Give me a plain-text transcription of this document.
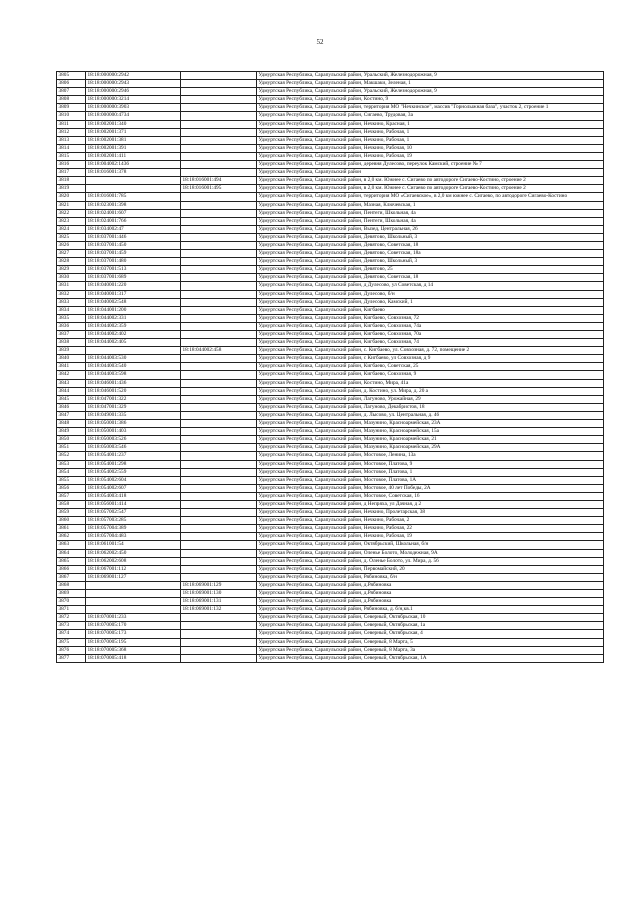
52
3805	18:18:000000:2942		Удмуртская Республика, Сарапульский район, Уральский, Железнодорожная, 9
3806	18:18:000000:2943		Удмуртская Республика, Сарапульский район, Макшаки, Зеленая, 1
3807	18:18:000000:2946		Удмуртская Республика, Сарапульский район, Уральский, Железнодорожная, 9
3808	18:18:000000:3214		Удмуртская Республика, Сарапульский район, Костино, 9
3809	18:18:000000:3903		Удмуртская Республика, Сарапульский район, территория МО "Нечкинское", массив "Горнолыжная база", участок 2, строение 1
3810	18:18:000000:4734		Удмуртская Республика, Сарапульский район, Сигаево, Трудовая, 3а
3811	18:18:002001:340		Удмуртская Республика, Сарапульский район, Нечкино, Красная, 1
3812	18:18:002001:371		Удмуртская Республика, Сарапульский район, Нечкино, Рабочая, 1
3813	18:18:002001:381		Удмуртская Республика, Сарапульский район, Нечкино, Рабочая, 1
3814	18:18:002001:391		Удмуртская Республика, Сарапульский район, Нечкино, Рабочая, 10
3815	18:18:002001:411		Удмуртская Республика, Сарапульский район, Нечкино, Рабочая, 19
3816	18:18:004002:1436		Удмуртская Республика, Сарапульский район, деревня Дулесово, переулок Камский, строение № 7
3817	18:18:016001:378		Удмуртская Республика, Сарапульский район
3818		18:18:016001:494	Удмуртская Республика, Сарапульский район, в 2,0 км. Южнее с. Сигаево по автодороге Сигаево-Костино, строение 2
3819		18:18:016001:495	Удмуртская Республика, Сарапульский район, в 2,0 км. Южнее с. Сигаево по автодороге Сигаево-Костино, строение 2
3820	18:18:016001:785		Удмуртская Республика, Сарапульский район, территория МО «Сигаевское», в 2,0 км южнее с. Сигаево, по автодороге Сигаево-Костино
3821	18:18:023001:398		Удмуртская Республика, Сарапульский район, Мазная, Ключевская, 1
3822	18:18:024001:607		Удмуртская Республика, Сарапульский район, Пентеги, Школьная, 4а
3823	18:18:024001:766		Удмуртская Республика, Сарапульский район, Пентеги, Школьная, 4а
3824	18:18:034002:47		Удмуртская Республика, Сарапульский район, Вызед, Центральная, 26
3825	18:18:037001:446		Удмуртская Республика, Сарапульский район, Девятово, Школьный, 3
3826	18:18:037001:450		Удмуртская Республика, Сарапульский район, Девятово, Советская, 18
3827	18:18:037001:459		Удмуртская Республика, Сарапульский район, Девятово, Советская, 18а
3828	18:18:037001:480		Удмуртская Республика, Сарапульский район, Девятово, Школьный, 3
3829	18:18:037001:513		Удмуртская Республика, Сарапульский район, Девятово, 25
3830	18:18:037001:689		Удмуртская Республика, Сарапульский район, Девятово, Советская, 18
3831	18:18:040001:220		Удмуртская Республика, Сарапульский район, д Дулесово, ул Советская, д 14
3832	18:18:040001:317		Удмуртская Республика, Сарапульский район, Дулесово, б/н
3833	18:18:040002:548		Удмуртская Республика, Сарапульский район, Дулесово, Камский, 1
3834	18:18:044001:200		Удмуртская Республика, Сарапульский район, Кигбаево
3835	18:18:044002:331		Удмуртская Республика, Сарапульский район, Кигбаево, Совхозная, 72
3836	18:18:044002:359		Удмуртская Республика, Сарапульский район, Кигбаево, Совхозная, 74а
3837	18:18:044002:402		Удмуртская Республика, Сарапульский район, Кигбаево, Совхозная, 70а
3838	18:18:044002:405		Удмуртская Республика, Сарапульский район, Кигбаево, Совхозная, 74
3839		18:18:044002:458	Удмуртская Республика, Сарапульский район, с. Кигбаево, ул. Совхозная, д. 72, помещение 2
3840	18:18:044003:530		Удмуртская Республика, Сарапульский район, с Кигбаево, ул Совхозная, д 9
3841	18:18:044003:540		Удмуртская Республика, Сарапульский район, Кигбаево, Советская, 25
3842	18:18:044003:598		Удмуртская Республика, Сарапульский район, Кигбаево, Совхозная, 9
3843	18:18:046001:436		Удмуртская Республика, Сарапульский район, Костино, Мира, 41а
3844	18:18:046001:520		Удмуртская Республика, Сарапульский район, д. Костино, ул. Мира, д. 20 а
3845	18:18:047001:322		Удмуртская Республика, Сарапульский район, Лагуново, Урожайная, 29
3846	18:18:047001:329		Удмуртская Республика, Сарапульский район, Лагуново, Декабристов, 18
3847	18:18:049001:335		Удмуртская Республика, Сарапульский район, д. Лысово, ул. Центральная, д. 46
3848	18:18:050001:386		Удмуртская Республика, Сарапульский район, Мазунино, Красноармейская, 23А
3849	18:18:050001:403		Удмуртская Республика, Сарапульский район, Мазунино, Красноармейская, 15а
3850	18:18:050003:526		Удмуртская Республика, Сарапульский район, Мазунино, Красноармейская, 21
3851	18:18:050003:546		Удмуртская Республика, Сарапульский район, Мазунино, Красноармейская, 29А
3852	18:18:054001:237		Удмуртская Республика, Сарапульский район, Мостовое, Ленина, 13а
3853	18:18:054001:298		Удмуртская Республика, Сарапульский район, Мостовое, Платова, 9
3854	18:18:054002:559		Удмуртская Республика, Сарапульский район, Мостовое, Платова, 1
3855	18:18:054002:604		Удмуртская Республика, Сарапульский район, Мостовое, Платова, 1А
3856	18:18:054002:607		Удмуртская Республика, Сарапульский район, Мостовое, 40 лет Победы, 2А
3857	18:18:054003:418		Удмуртская Республика, Сарапульский район, Мостовое, Советская, 16
3858	18:18:056001:414		Удмуртская Республика, Сарапульский район, д Непряха, ул Дачная, д 2
3859	18:18:057002:547		Удмуртская Республика, Сарапульский район, Нечкино, Пролетарская, 38
3860	18:18:057003:285		Удмуртская Республика, Сарапульский район, Нечкино, Рабочая, 2
3861	18:18:057004:389		Удмуртская Республика, Сарапульский район, Нечкино, Рабочая, 22
3862	18:18:057004:483		Удмуртская Республика, Сарапульский район, Нечкино, Рабочая, 19
3863	18:18:061001:54		Удмуртская Республика, Сарапульский район, Октябрьский, Школьная, б/н
3864	18:18:062002:450		Удмуртская Республика, Сарапульский район, Оленье Болото, Молодежная, 9А
3865	18:18:062002:608		Удмуртская Республика, Сарапульский район, д. Оленье Болото, ул. Мира, д. 56
3866	18:18:067001:112		Удмуртская Республика, Сарапульский район, Первомайский, 20
3867	18:18:069001:127		Удмуртская Республика, Сарапульский район, Рябиновка, б/н
3868		18:18:069001:129	Удмуртская Республика, Сарапульский район, д.Рябиновка
3869		18:18:069001:130	Удмуртская Республика, Сарапульский район, д.Рябиновка
3870		18:18:069001:131	Удмуртская Республика, Сарапульский район, д.Рябиновка
3871		18:18:069001:132	Удмуртская Республика, Сарапульский район, Рябиновка, д. б/н,кв.1
3872	18:18:070001:233		Удмуртская Республика, Сарапульский район, Северный, Октябрьская, 10
3873	18:18:070005:170		Удмуртская Республика, Сарапульский район, Северный, Октябрьская, 1а
3874	18:18:070005:173		Удмуртская Республика, Сарапульский район, Северный, Октябрьская, 4
3875	18:18:070005:195		Удмуртская Республика, Сарапульский район, Северный, 8 Марта, 5
3876	18:18:070005:368		Удмуртская Республика, Сарапульский район, Северный, 8 Марта, 3а
3877	18:18:070005:418		Удмуртская Республика, Сарапульский район, Северный, Октябрьская, 1А
